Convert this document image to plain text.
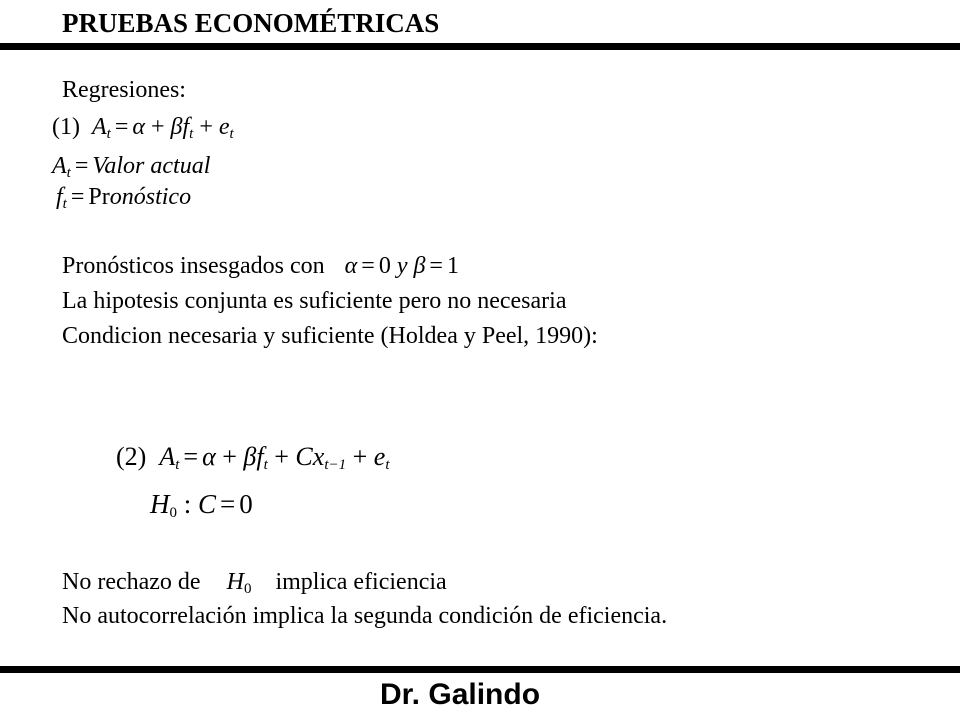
PRUEBAS ECONOMÉTRICAS
Regresiones:
(1) $A_t = \alpha + \beta f_t + e_t$
$A_t$ = Valor actual
$f_t$ = Pronóstico
Pronósticos insesgados con α = 0 y β = 1
La hipotesis conjunta es suficiente pero no necesaria
Condicion necesaria y suficiente (Holdea y Peel, 1990):
(2) $A_t = \alpha + \beta f_t + Cx_{t-1} + e_t$
$H_0$ : C = 0
No rechazo de $H_0$ implica eficiencia
No autocorrelación implica la segunda condición de eficiencia.
Dr. Galindo
